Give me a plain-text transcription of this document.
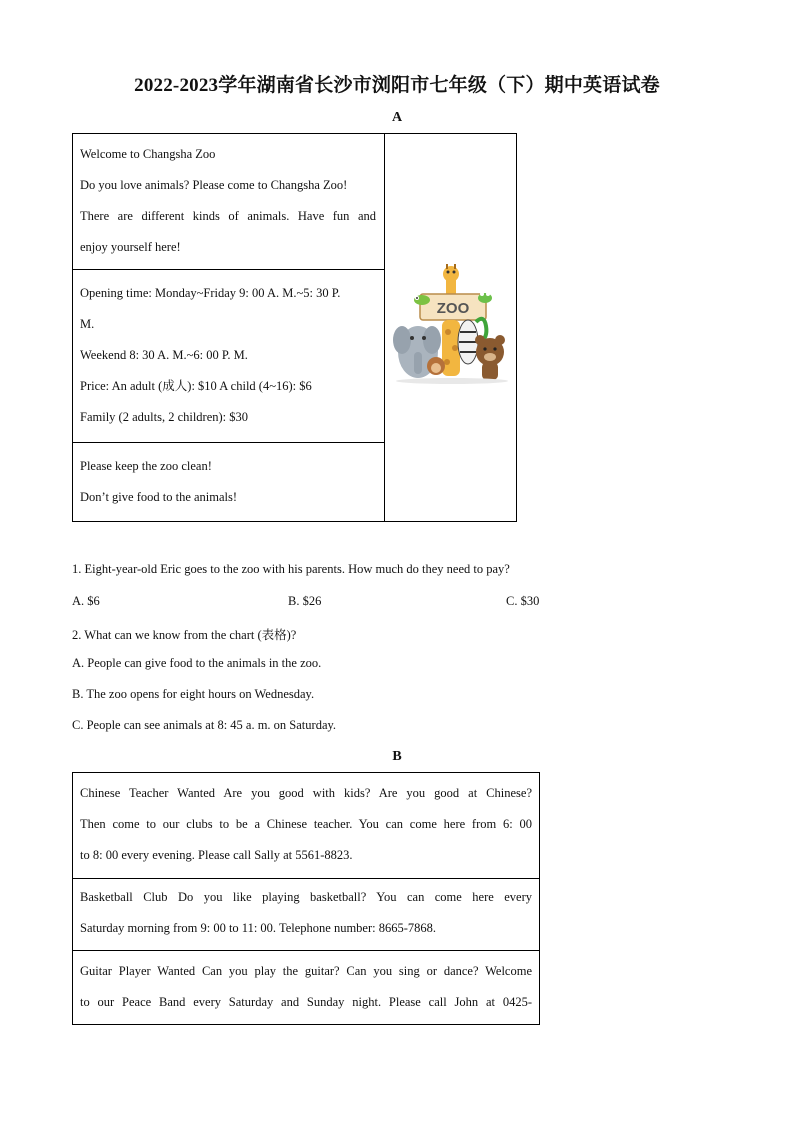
2022-2023学年湖南省长沙市浏阳市七年级（下）期中英语试卷
A

Welcome to Changsha Zoo

Do you love animals? Please come to Changsha Zoo!

There are different kinds of animals. Have fun and

enjoy yourself here!

Opening time: Monday~Friday 9: 00 A. M.~5: 30 P.

M.

Weekend 8: 30 A. M.~6: 00 P. M.

Price: An adult (成人): $10 A child (4~16): $6

Family (2 adults, 2 children): $30

Please keep the zoo clean!

Don’t give food to the animals!

ZOO
1. Eight-year-old Eric goes to the zoo with his parents. How much do they need to pay?
A. $6	B. $26	C. $30
2. What can we know from the chart (表格)?
A. People can give food to the animals in the zoo.
B. The zoo opens for eight hours on Wednesday.
C. People can see animals at 8: 45 a. m. on Saturday.
B

Chinese Teacher Wanted Are you good with kids? Are you good at Chinese?

Then come to our clubs to be a Chinese teacher. You can come here from 6: 00

to 8: 00 every evening. Please call Sally at 5561-8823.

Basketball Club Do you like playing basketball? You can come here every

Saturday morning from 9: 00 to 11: 00. Telephone number: 8665-7868.

Guitar Player Wanted Can you play the guitar? Can you sing or dance? Welcome

to our Peace Band every Saturday and Sunday night. Please call John at 0425-
